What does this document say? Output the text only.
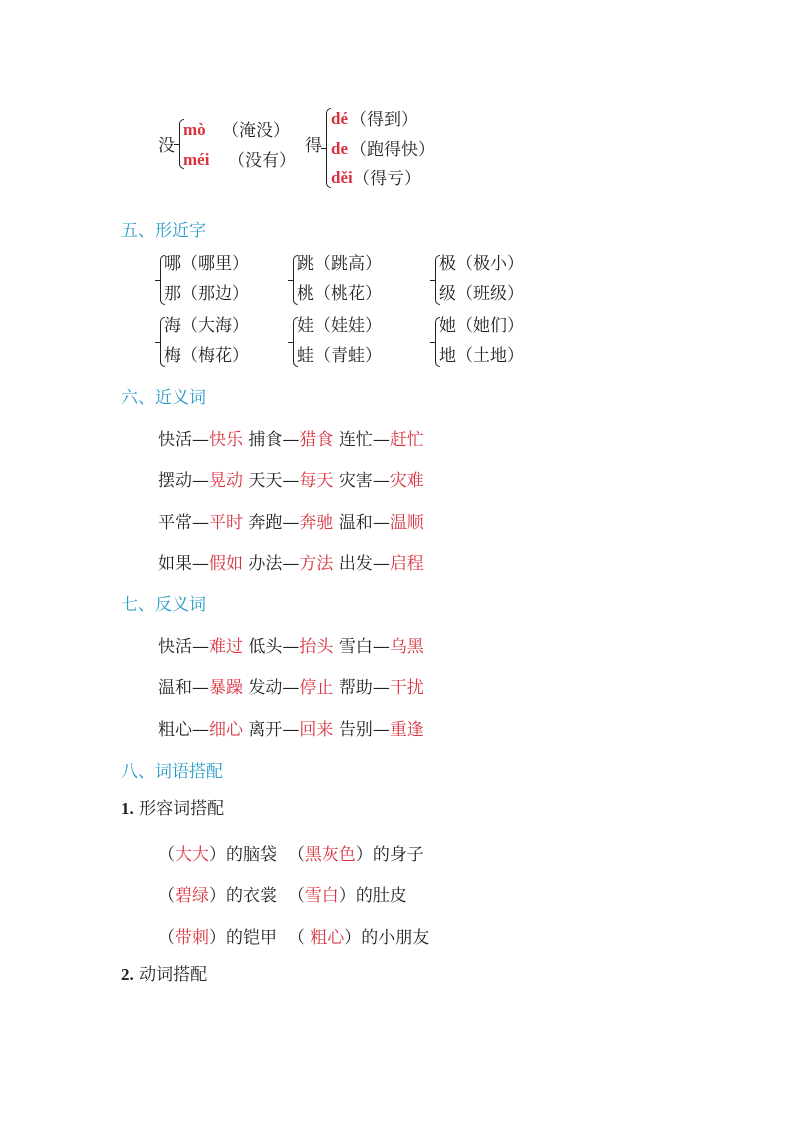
没
mò （淹没）
méi （没有）
得
dé （得到）
de （跑得快）
děi （得亏）
五、形近字
哪（哪里）
那（那边）
跳（跳高）
桃（桃花）
极（极小）
级（班级）
海（大海）
梅（梅花）
娃（娃娃）
蛙（青蛙）
她（她们）
地（土地）
六、近义词
快活—快乐 捕食—猎食 连忙—赶忙
摆动—晃动 天天—每天 灾害—灾难
平常—平时 奔跑—奔驰 温和—温顺
如果—假如 办法—方法 出发—启程
七、反义词
快活—难过 低头—抬头 雪白—乌黑
温和—暴躁 发动—停止 帮助—干扰
粗心—细心 离开—回来 告别—重逢
八、词语搭配
1. 形容词搭配
（大大）的脑袋 （黑灰色）的身子
（碧绿）的衣裳 （雪白）的肚皮
（带刺）的铠甲 （ 粗心）的小朋友
2. 动词搭配
